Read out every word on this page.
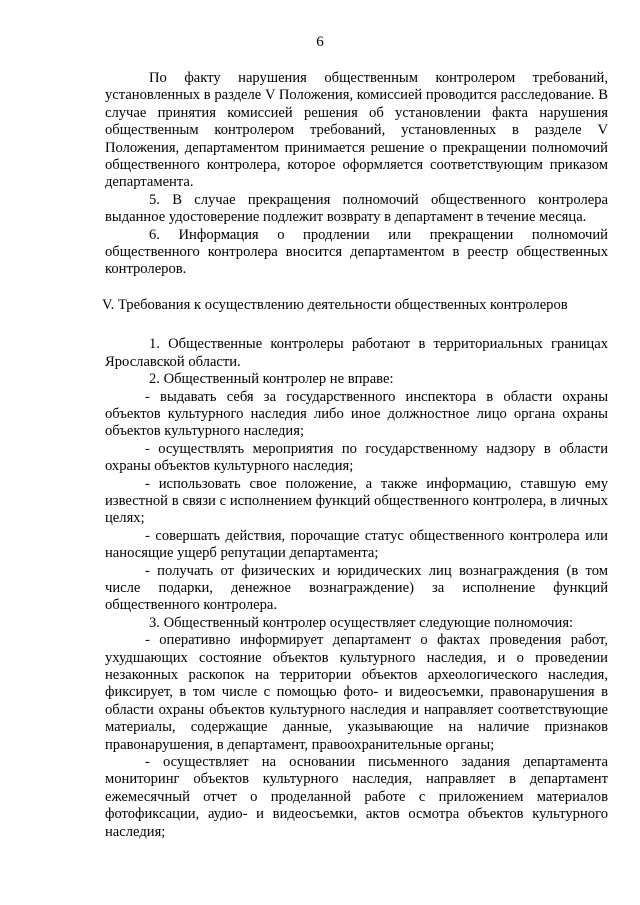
6

По факту нарушения общественным контролером требований, установленных в разделе V Положения, комиссией проводится расследование. В случае принятия комиссией решения об установлении факта нарушения общественным контролером требований, установленных в разделе V Положения, департаментом принимается решение о прекращении полномочий общественного контролера, которое оформляется соответствующим приказом департамента.

5. В случае прекращения полномочий общественного контролера выданное удостоверение подлежит возврату в департамент в течение месяца.

6. Информация о продлении или прекращении полномочий общественного контролера вносится департаментом в реестр общественных контролеров.

V. Требования к осуществлению деятельности общественных контролеров

1. Общественные контролеры работают в территориальных границах Ярославской области.

2. Общественный контролер не вправе:

- выдавать себя за государственного инспектора в области охраны объектов культурного наследия либо иное должностное лицо органа охраны объектов культурного наследия;

- осуществлять мероприятия по государственному надзору в области охраны объектов культурного наследия;

- использовать свое положение, а также информацию, ставшую ему известной в связи с исполнением функций общественного контролера, в личных целях;

- совершать действия, порочащие статус общественного контролера или наносящие ущерб репутации департамента;

- получать от физических и юридических лиц вознаграждения (в том числе подарки, денежное вознаграждение) за исполнение функций общественного контролера.

3. Общественный контролер осуществляет следующие полномочия:

- оперативно информирует департамент о фактах проведения работ, ухудшающих состояние объектов культурного наследия, и о проведении незаконных раскопок на территории объектов археологического наследия, фиксирует, в том числе с помощью фото- и видеосъемки, правонарушения в области охраны объектов культурного наследия и направляет соответствующие материалы, содержащие данные, указывающие на наличие признаков правонарушения, в департамент, правоохранительные органы;

- осуществляет на основании письменного задания департамента мониторинг объектов культурного наследия, направляет в департамент ежемесячный отчет о проделанной работе с приложением материалов фотофиксации, аудио- и видеосъемки, актов осмотра объектов культурного наследия;
